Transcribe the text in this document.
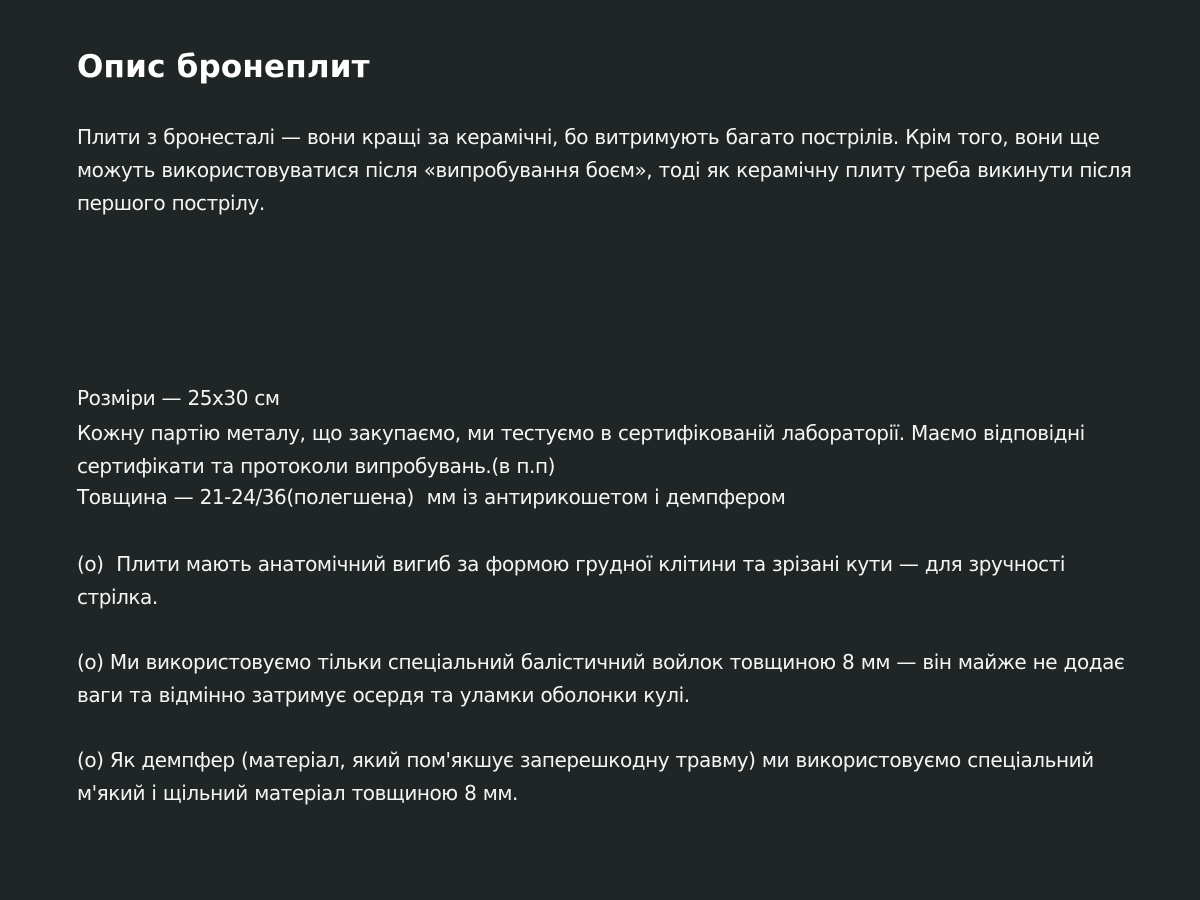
Опис бронеплит

Плити з бронесталі — вони кращі за керамічні, бо витримують багато пострілів. Крім того, вони ще можуть використовуватися після «випробування боєм», тоді як керамічну плиту треба викинути після першого пострілу.

Розміри — 25х30 см

Товщина — 21-24/36(полегшена)  мм із антирикошетом і демпфером

Кожну партію металу, що закупаємо, ми тестуємо в сертифікованій лабораторії. Маємо відповідні сертифікати та протоколи випробувань.(в п.п)

(о)  Плити мають анатомічний вигиб за формою грудної клітини та зрізані кути — для зручності стрілка.

(о) Ми використовуємо тільки спеціальний балістичний войлок товщиною 8 мм — він майже не додає ваги та відмінно затримує осердя та уламки оболонки кулі.

(о) Як демпфер (матеріал, який пом'якшує заперешкодну травму) ми використовуємо спеціальний м'який і щільний матеріал товщиною 8 мм.
